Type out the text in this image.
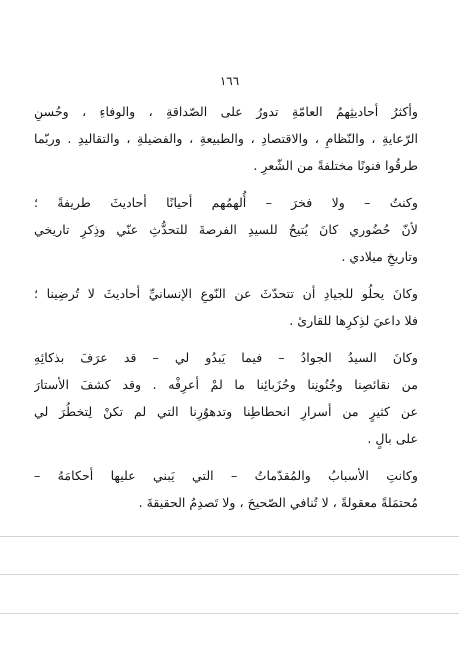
١٦٦
وأكثرُ أحاديثِهمُ العامّةِ تدورُ على الصّداقةِ ، والوفاءِ ، وحُسنِ
الرّعايةِ ، والنّظامِ ، والاقتصادِ ، والطبيعةِ ، والفضيلةِ ، والتقاليدِ . وربّما
طرقُوا فنونًا مختلفةً من الشّعرِ .
وكنتُ – ولا فخرَ – أُلهمُهم أحيانًا أحاديثَ طريفةً ؛
لأنّ حُضُوري كانَ يُتيحُ للسيدِ الفرصةَ للتحدُّثِ عنّي وذِكرِ تاريخي
وتاريخِ ميلادي .
وكانَ يحلُو للجيادِ أن تتحدّثَ عن النّوعِ الإنسانيِّ أحاديثَ لا تُرضِينا ؛
فلا داعيَ لذِكرِها للقارئ .
وكانَ السيدُ الجوادُ – فيما يَبدُو لي – قد عرَفَ بذكائِهِ
من نقائصِنا وجُنُونِنا وحُزَبائِنا ما لمْ أعرِفْه . وقد كشفَ الأستارَ
عن كثيرٍ من أسرارِ انحطاطِنا وتدهوُرِنا التي لم تكنْ لِتخطُرَ لي
على بالٍ .
وكانتِ الأسبابُ والمُقدّماتُ – التي يَبني عليها أحكامَهُ –
مُحتمَلةً معقولةً ، لا تُنافي الصّحيحَ ، ولا تَصدِمُ الحقيقةَ .
